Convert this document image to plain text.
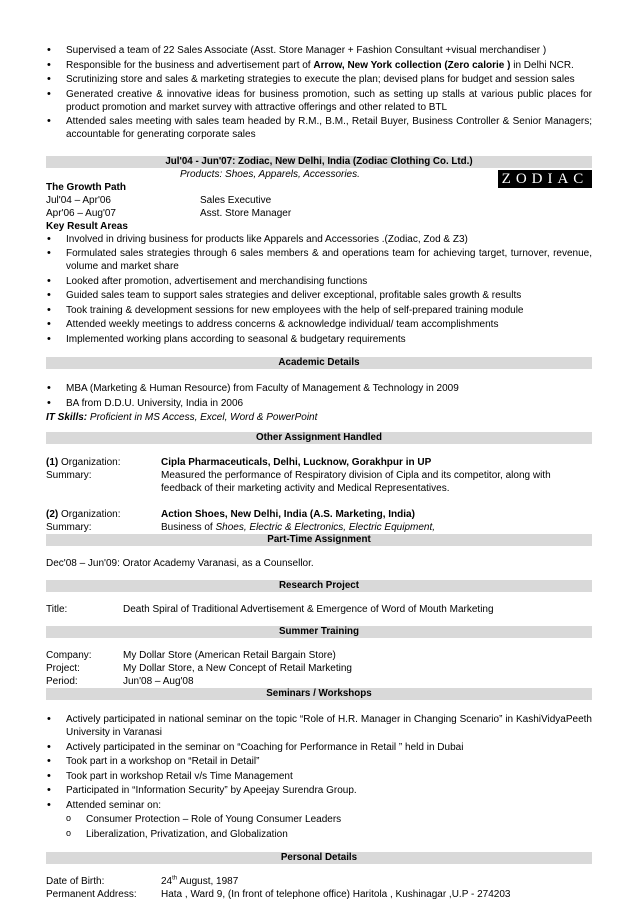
• Supervised a team of 22 Sales Associate (Asst. Store Manager + Fashion Consultant +visual merchandiser )
• Responsible for the business and advertisement part of Arrow, New York collection (Zero calorie ) in Delhi NCR.
• Scrutinizing store and sales & marketing strategies to execute the plan; devised plans for budget and session sales
• Generated creative & innovative ideas for business promotion, such as setting up stalls at various public places for product promotion and market survey with attractive offerings and other related to BTL
• Attended sales meeting with sales team headed by R.M., B.M., Retail Buyer, Business Controller & Senior Managers; accountable for generating corporate sales
Jul'04 - Jun'07: Zodiac, New Delhi, India (Zodiac Clothing Co. Ltd.)
Products: Shoes, Apparels, Accessories.	ZODIAC
The Growth Path
Jul'04 – Apr'06	Sales Executive
Apr'06 – Aug'07	Asst. Store Manager
Key Result Areas
• Involved in driving business for products like Apparels and Accessories .(Zodiac, Zod & Z3)
• Formulated sales strategies through 6 sales members & and operations team for achieving target, turnover, revenue, volume and market share
• Looked after promotion, advertisement and merchandising functions
• Guided sales team to support sales strategies and deliver exceptional, profitable sales growth & results
• Took training & development sessions for new employees with the help of self-prepared training module
• Attended weekly meetings to address concerns & acknowledge individual/ team accomplishments
• Implemented working plans according to seasonal & budgetary requirements
Academic Details
• MBA (Marketing & Human Resource) from Faculty of Management & Technology in 2009
• BA from D.D.U. University, India in 2006
IT Skills: Proficient in MS Access, Excel, Word & PowerPoint
Other Assignment Handled
(1) Organization:	Cipla Pharmaceuticals, Delhi, Lucknow, Gorakhpur in UP
Summary:	Measured the performance of Respiratory division of Cipla and its competitor, along with feedback of their marketing activity and Medical Representatives.
(2) Organization:	Action Shoes, New Delhi, India (A.S. Marketing, India)
Summary:	Business of Shoes, Electric & Electronics, Electric Equipment,
Part-Time Assignment
Dec'08 – Jun'09: Orator Academy Varanasi, as a Counsellor.
Research Project
Title:	Death Spiral of Traditional Advertisement & Emergence of Word of Mouth Marketing
Summer Training
Company:	My Dollar Store (American Retail Bargain Store)
Project:	My Dollar Store, a New Concept of Retail Marketing
Period:	Jun'08 – Aug'08
Seminars / Workshops
• Actively participated in national seminar on the topic “Role of H.R. Manager in Changing Scenario” in KashiVidyaPeeth University in Varanasi
• Actively participated in the seminar on “Coaching for Performance in Retail ” held in Dubai
• Took part in a workshop on “Retail in Detail”
• Took part in workshop Retail v/s Time Management
• Participated in “Information Security” by Apeejay Surendra Group.
• Attended seminar on:
o Consumer Protection – Role of Young Consumer Leaders
o Liberalization, Privatization, and Globalization
Personal Details
Date of Birth:	24th August, 1987
Permanent Address:	Hata , Ward 9, (In front of telephone office) Haritola , Kushinagar ,U.P - 274203
